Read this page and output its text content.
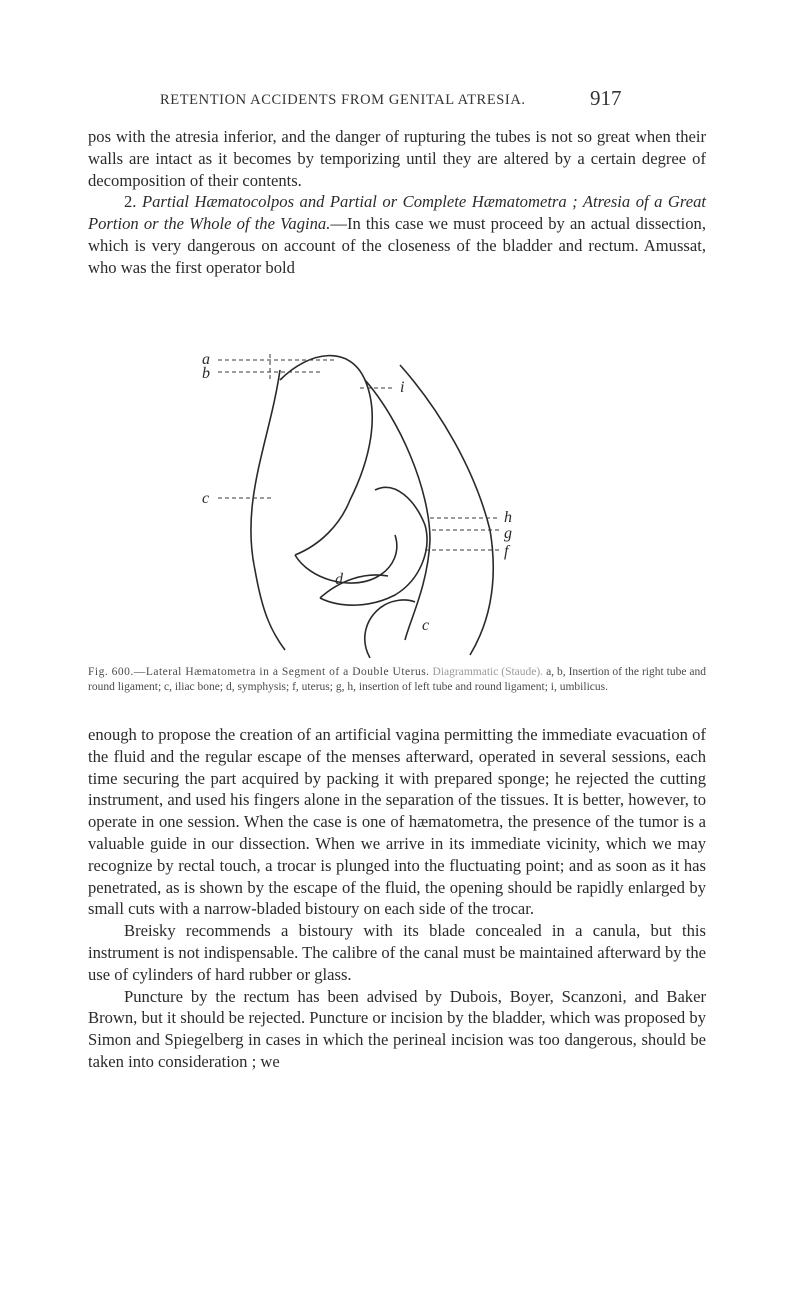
RETENTION ACCIDENTS FROM GENITAL ATRESIA.	917

pos with the atresia inferior, and the danger of rupturing the tubes is not so great when their walls are intact as it becomes by temporizing until they are altered by a certain degree of decomposition of their contents.

2. Partial Hæmatocolpos and Partial or Complete Hæmatometra ; Atresia of a Great Portion or the Whole of the Vagina.—In this case we must proceed by an actual dissection, which is very dangerous on account of the closeness of the bladder and rectum. Amussat, who was the first operator bold

a
b
i
c
h
g
f
d
c
Fig. 600.—Lateral Hæmatometra in a Segment of a Double Uterus. Diagrammatic (Staude). a, b, Insertion of the right tube and round ligament; c, iliac bone; d, symphysis; f, uterus; g, h, insertion of left tube and round ligament; i, umbilicus.

enough to propose the creation of an artificial vagina permitting the immediate evacuation of the fluid and the regular escape of the menses afterward, operated in several sessions, each time securing the part acquired by packing it with prepared sponge; he rejected the cutting instrument, and used his fingers alone in the separation of the tissues. It is better, however, to operate in one session. When the case is one of hæmatometra, the presence of the tumor is a valuable guide in our dissection. When we arrive in its immediate vicinity, which we may recognize by rectal touch, a trocar is plunged into the fluctuating point; and as soon as it has penetrated, as is shown by the escape of the fluid, the opening should be rapidly enlarged by small cuts with a narrow-bladed bistoury on each side of the trocar.

Breisky recommends a bistoury with its blade concealed in a canula, but this instrument is not indispensable. The calibre of the canal must be maintained afterward by the use of cylinders of hard rubber or glass.

Puncture by the rectum has been advised by Dubois, Boyer, Scanzoni, and Baker Brown, but it should be rejected. Puncture or incision by the bladder, which was proposed by Simon and Spiegelberg in cases in which the perineal incision was too dangerous, should be taken into consideration ; we
